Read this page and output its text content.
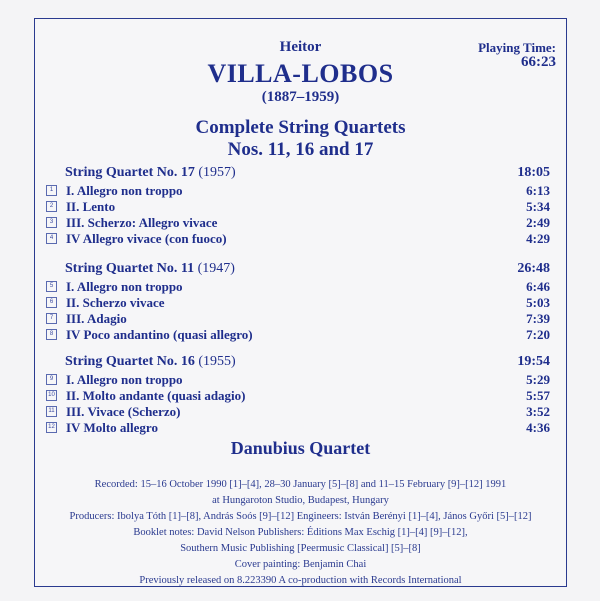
Heitor
VILLA-LOBOS
(1887–1959)
Playing Time:
66:23
Complete String Quartets
Nos. 11, 16 and 17
String Quartet No. 17 (1957)	18:05
1 I. Allegro non troppo	6:13
2 II. Lento	5:34
3 III. Scherzo: Allegro vivace	2:49
4 IV Allegro vivace (con fuoco)	4:29
String Quartet No. 11 (1947)	26:48
5 I. Allegro non troppo	6:46
6 II. Scherzo vivace	5:03
7 III. Adagio	7:39
8 IV Poco andantino (quasi allegro)	7:20
String Quartet No. 16 (1955)	19:54
9 I. Allegro non troppo	5:29
10 II. Molto andante (quasi adagio)	5:57
11 III. Vivace (Scherzo)	3:52
12 IV Molto allegro	4:36
Danubius Quartet
Recorded: 15–16 October 1990 [1]–[4], 28–30 January [5]–[8] and 11–15 February [9]–[12] 1991
at Hungaroton Studio, Budapest, Hungary
Producers: Ibolya Tóth [1]–[8], András Soós [9]–[12] Engineers: István Berényi [1]–[4], János Győri [5]–[12]
Booklet notes: David Nelson Publishers: Éditions Max Eschig [1]–[4] [9]–[12],
Southern Music Publishing [Peermusic Classical] [5]–[8]
Cover painting: Benjamin Chai
Previously released on 8.223390 A co-production with Records International
